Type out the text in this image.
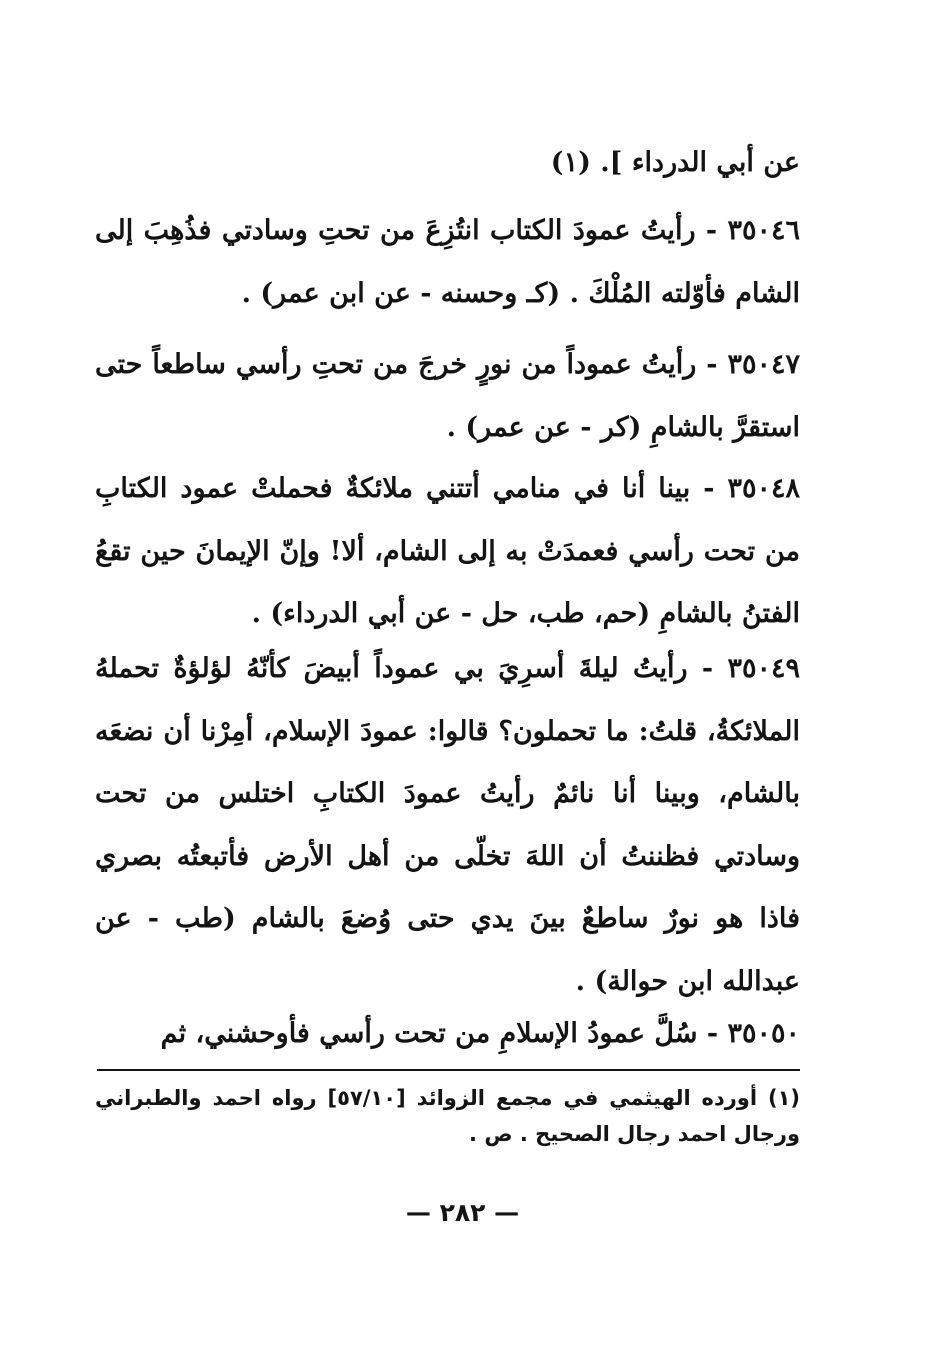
عن أبي الدرداء ]. (١)

٣٥٠٤٦ - رأيتُ عمودَ الكتاب انتُزِعَ من تحتِ وسادتي فذُهِبَ إلى الشام فأوّلته المُلْكَ . (كـ وحسنه - عن ابن عمر) .

٣٥٠٤٧ - رأيتُ عموداً من نورٍ خرجَ من تحتِ رأسي ساطعاً حتى استقرَّ بالشامِ (كر - عن عمر) .

٣٥٠٤٨ - بينا أنا في منامي أتتني ملائكةٌ فحملتْ عمود الكتابِ من تحت رأسي فعمدَتْ به إلى الشام، ألا! وإنّ الإيمانَ حين تقعُ الفتنُ بالشامِ (حم، طب، حل - عن أبي الدرداء) .

٣٥٠٤٩ - رأيتُ ليلةَ أسرِيَ بي عموداً أبيضَ كأنّهُ لؤلؤةٌ تحملهُ الملائكةُ، قلتُ: ما تحملون؟ قالوا: عمودَ الإسلام، أمِرْنا أن نضعَه بالشام، وبينا أنا نائمٌ رأيتُ عمودَ الكتابِ اختلس من تحت وسادتي فظننتُ أن اللهَ تخلّى من أهل الأرض فأتبعتُه بصري فاذا هو نورٌ ساطعٌ بينَ يدي حتى وُضعَ بالشام (طب - عن عبدالله ابن حوالة) .

٣٥٠٥٠ - سُلَّ عمودُ الإسلامِ من تحت رأسي فأوحشني، ثم

(١) أورده الهيثمي في مجمع الزوائد [٥٧/١٠] رواه احمد والطبراني ورجال احمد رجال الصحيح . ص .

— ٢٨٢ —
